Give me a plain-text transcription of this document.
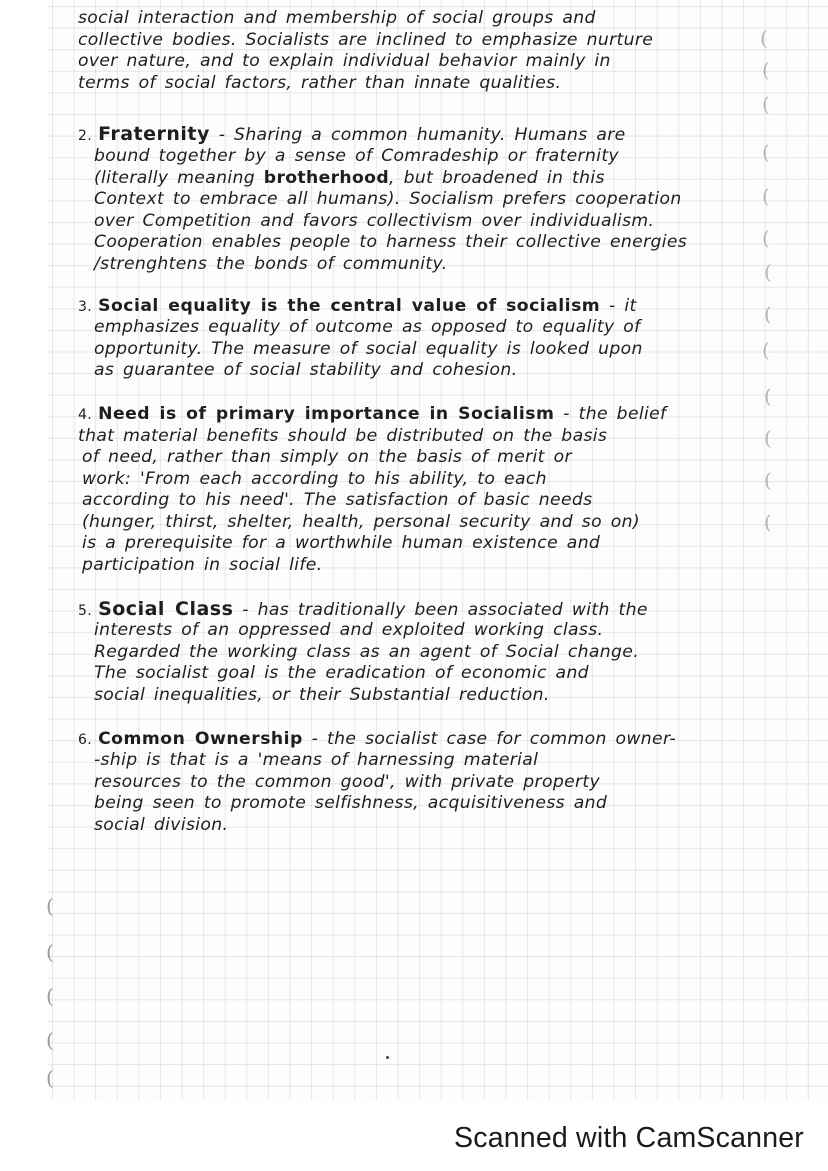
(
(
(
(
(
(
(
(
(
(
(
(
(
(
(
(
(
(
social interaction and membership of social groups and
collective bodies. Socialists are inclined to emphasize nurture
over nature, and to explain individual behavior mainly in
terms of social factors, rather than innate qualities.
2. Fraternity - Sharing a common humanity. Humans are
bound together by a sense of Comradeship or fraternity
(literally meaning brotherhood, but broadened in this
Context to embrace all humans). Socialism prefers cooperation
over Competition and favors collectivism over individualism.
Cooperation enables people to harness their collective energies
/strenghtens the bonds of community.
3. Social equality is the central value of socialism - it
emphasizes equality of outcome as opposed to equality of
opportunity. The measure of social equality is looked upon
as guarantee of social stability and cohesion.
4. Need is of primary importance in Socialism - the belief
that material benefits should be distributed on the basis
of need, rather than simply on the basis of merit or
work: 'From each according to his ability, to each
according to his need'. The satisfaction of basic needs
(hunger, thirst, shelter, health, personal security and so on)
is a prerequisite for a worthwhile human existence and
participation in social life.
5. Social Class - has traditionally been associated with the
interests of an oppressed and exploited working class.
Regarded the working class as an agent of Social change.
The socialist goal is the eradication of economic and
social inequalities, or their Substantial reduction.
6. Common Ownership - the socialist case for common owner-
-ship is that is a 'means of harnessing material
resources to the common good', with private property
being seen to promote selfishness, acquisitiveness and
social division.
Scanned with CamScanner
